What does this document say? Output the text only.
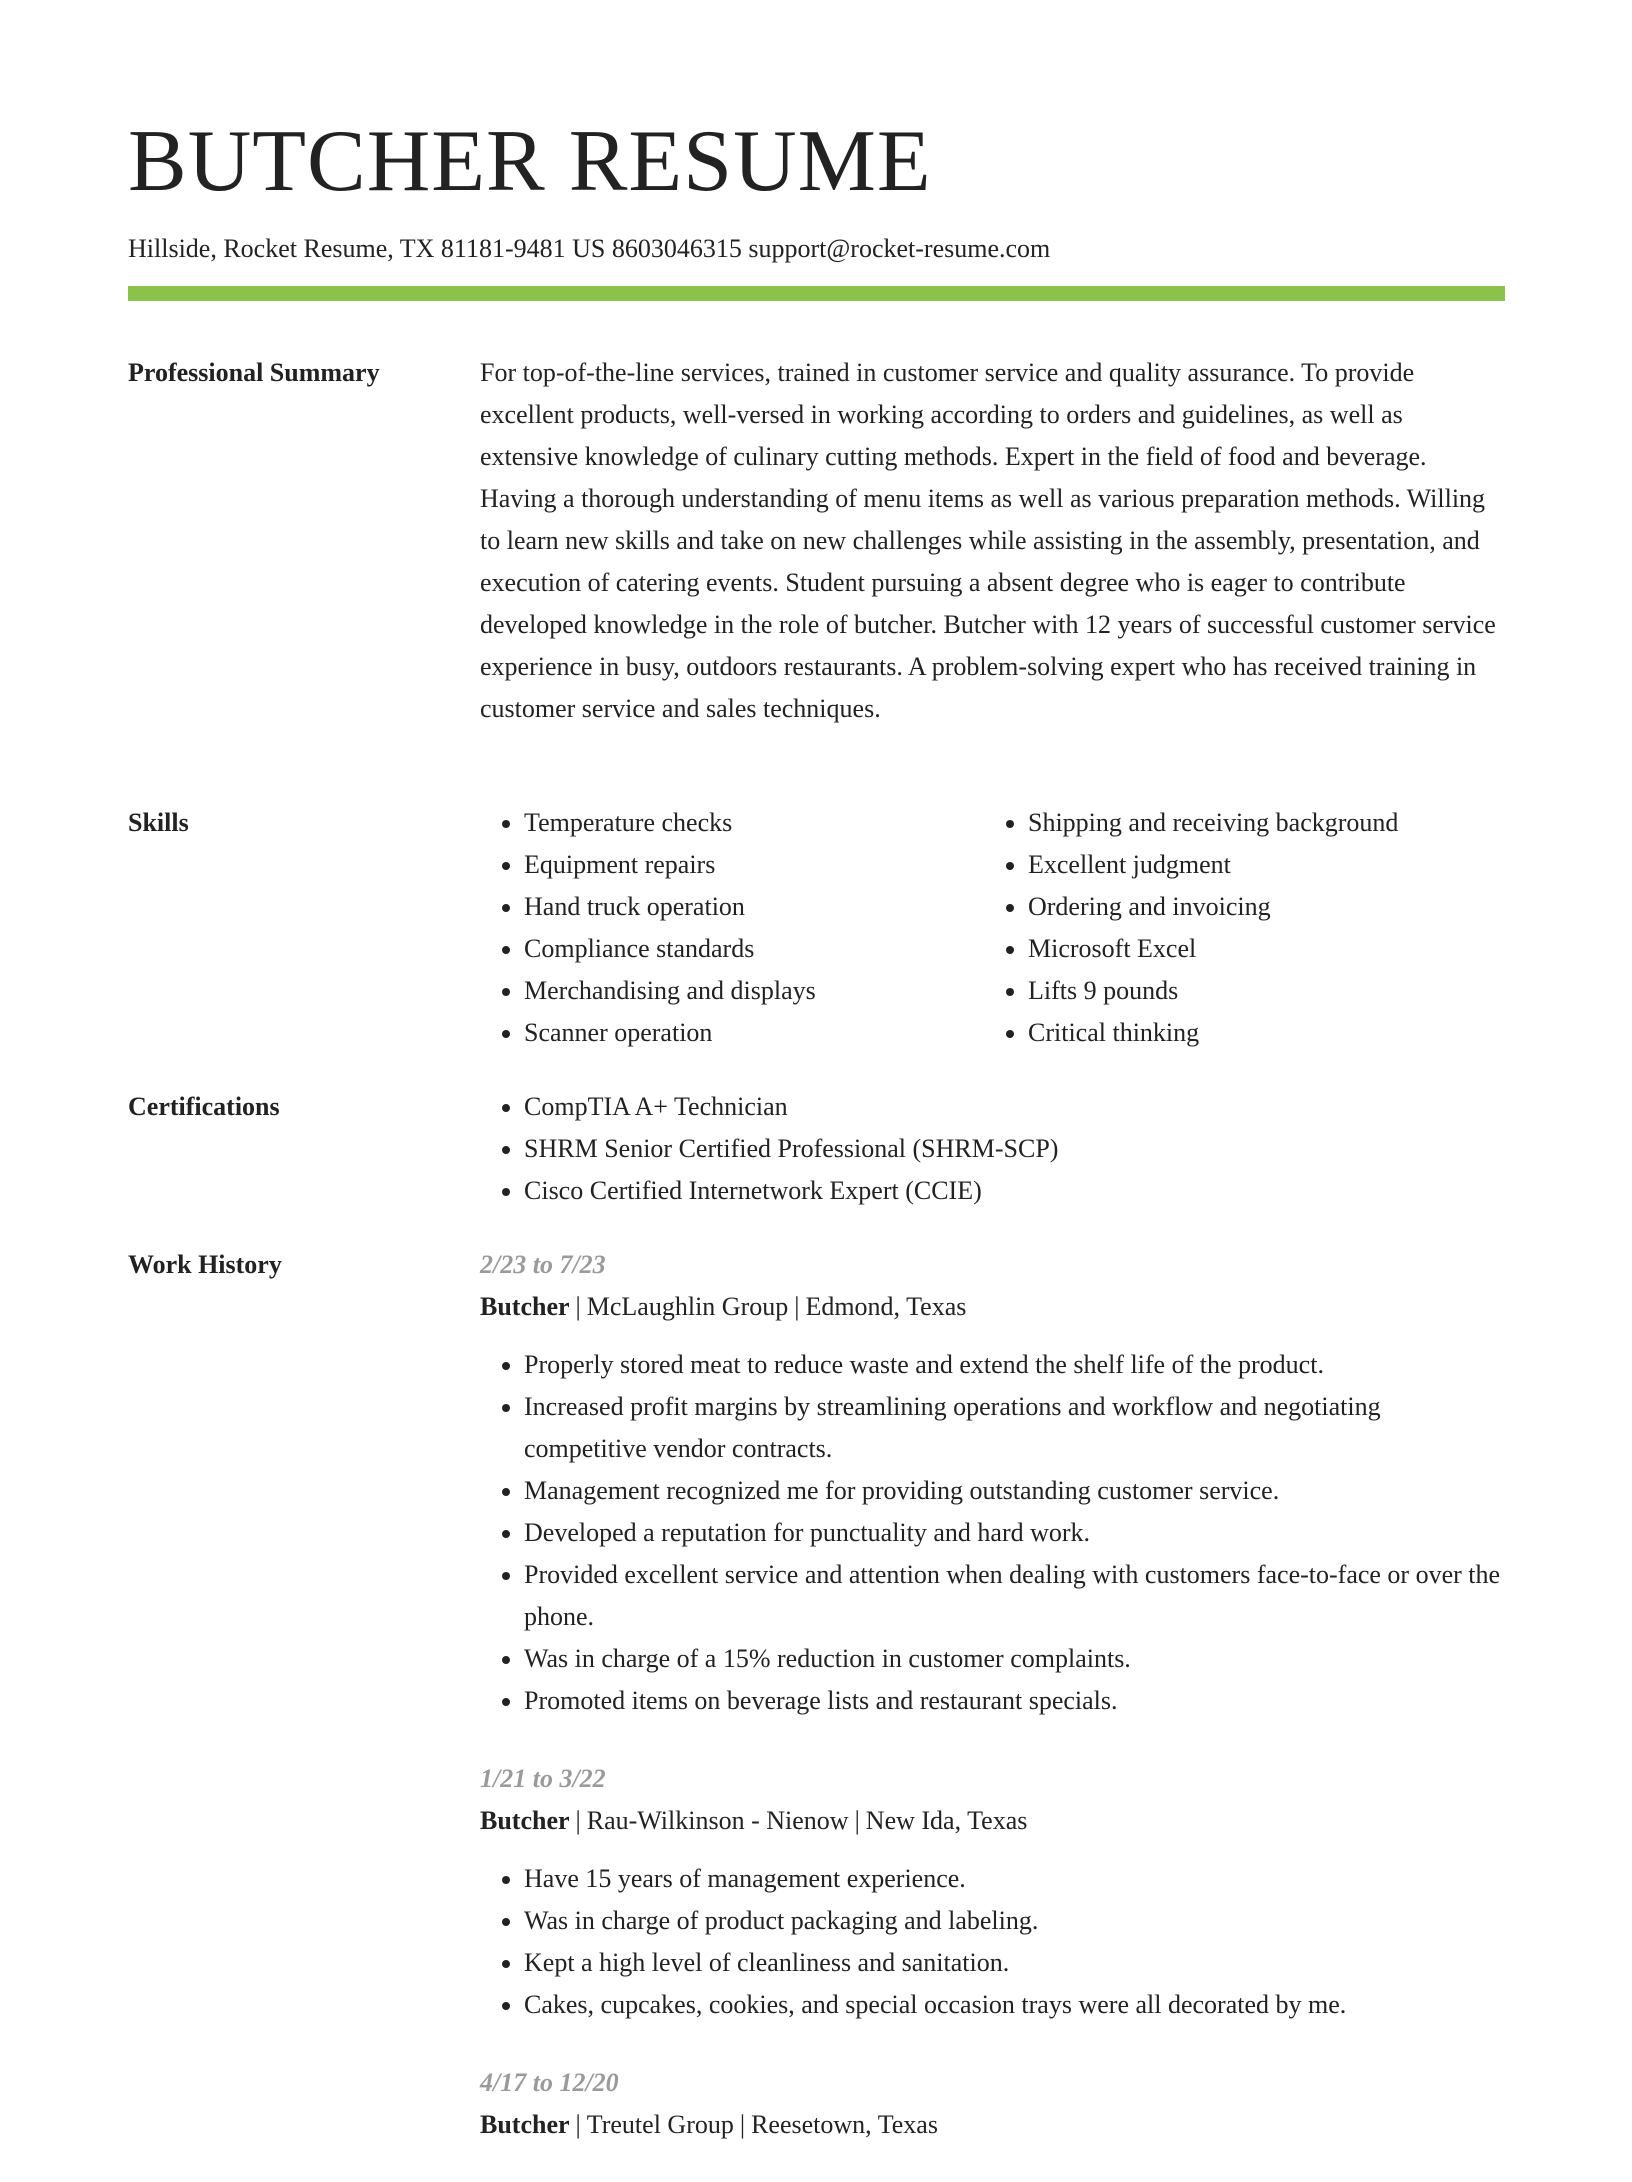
BUTCHER RESUME
Hillside, Rocket Resume, TX 81181-9481 US 8603046315 support@rocket-resume.com
Professional Summary	For top-of-the-line services, trained in customer service and quality assurance. To provide excellent products, well-versed in working according to orders and guidelines, as well as extensive knowledge of culinary cutting methods. Expert in the field of food and beverage. Having a thorough understanding of menu items as well as various preparation methods. Willing to learn new skills and take on new challenges while assisting in the assembly, presentation, and execution of catering events. Student pursuing a absent degree who is eager to contribute developed knowledge in the role of butcher. Butcher with 12 years of successful customer service experience in busy, outdoors restaurants. A problem-solving expert who has received training in customer service and sales techniques.

Skills	• Temperature checks
• Equipment repairs
• Hand truck operation
• Compliance standards
• Merchandising and displays
• Scanner operation
• Shipping and receiving background
• Excellent judgment
• Ordering and invoicing
• Microsoft Excel
• Lifts 9 pounds
• Critical thinking
Certifications	• CompTIA A+ Technician
• SHRM Senior Certified Professional (SHRM-SCP)
• Cisco Certified Internetwork Expert (CCIE)
Work History	2/23 to 7/23
Butcher | McLaughlin Group | Edmond, Texas
• Properly stored meat to reduce waste and extend the shelf life of the product.
• Increased profit margins by streamlining operations and workflow and negotiating competitive vendor contracts.
• Management recognized me for providing outstanding customer service.
• Developed a reputation for punctuality and hard work.
• Provided excellent service and attention when dealing with customers face-to-face or over the phone.
• Was in charge of a 15% reduction in customer complaints.
• Promoted items on beverage lists and restaurant specials.
1/21 to 3/22
Butcher | Rau-Wilkinson - Nienow | New Ida, Texas
• Have 15 years of management experience.
• Was in charge of product packaging and labeling.
• Kept a high level of cleanliness and sanitation.
• Cakes, cupcakes, cookies, and special occasion trays were all decorated by me.
4/17 to 12/20
Butcher | Treutel Group | Reesetown, Texas
